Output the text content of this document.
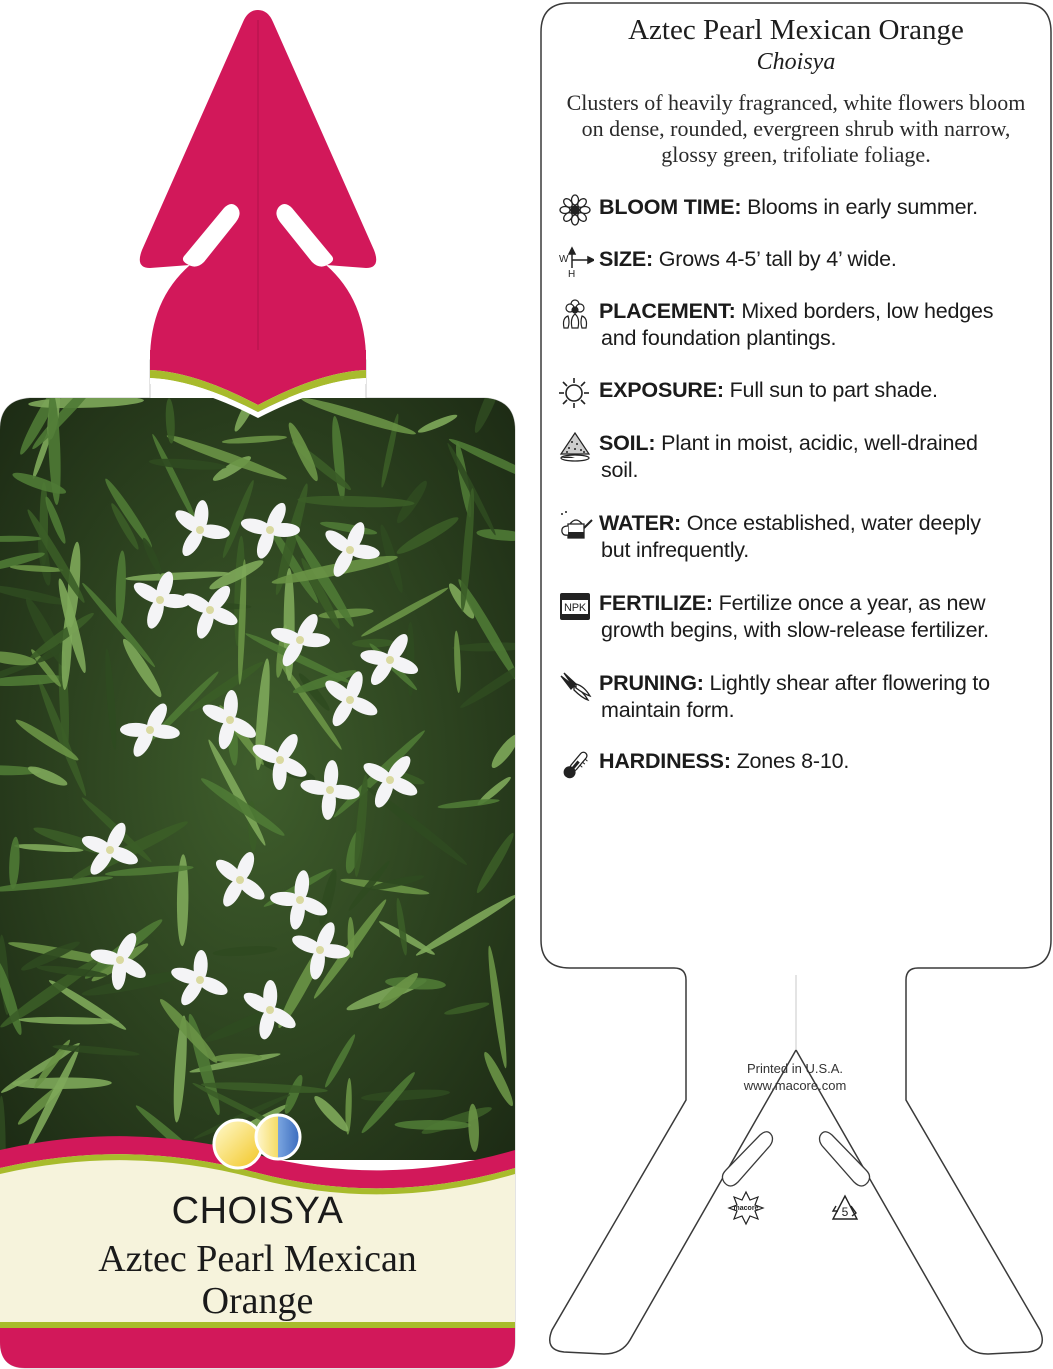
CHOISYA
Aztec Pearl Mexican
Orange
Aztec Pearl Mexican Orange
Choisya
Clusters of heavily fragranced, white flowers bloom on dense, rounded, evergreen shrub with narrow, glossy green, trifoliate foliage.
BLOOM TIME: Blooms in early summer.
W
H
SIZE: Grows 4-5’ tall by 4’ wide.
PLACEMENT: Mixed borders, low hedges
and foundation plantings.
EXPOSURE: Full sun to part shade.
SOIL: Plant in moist, acidic, well-drained
soil.
WATER: Once established, water deeply
but infrequently.
NPK FERTILIZE: Fertilize once a year, as new
growth begins, with slow-release fertilizer.
PRUNING: Lightly shear after flowering to
maintain form.
HARDINESS: Zones 8-10.
Printed in U.S.A.
www.macore.com
macore	5
